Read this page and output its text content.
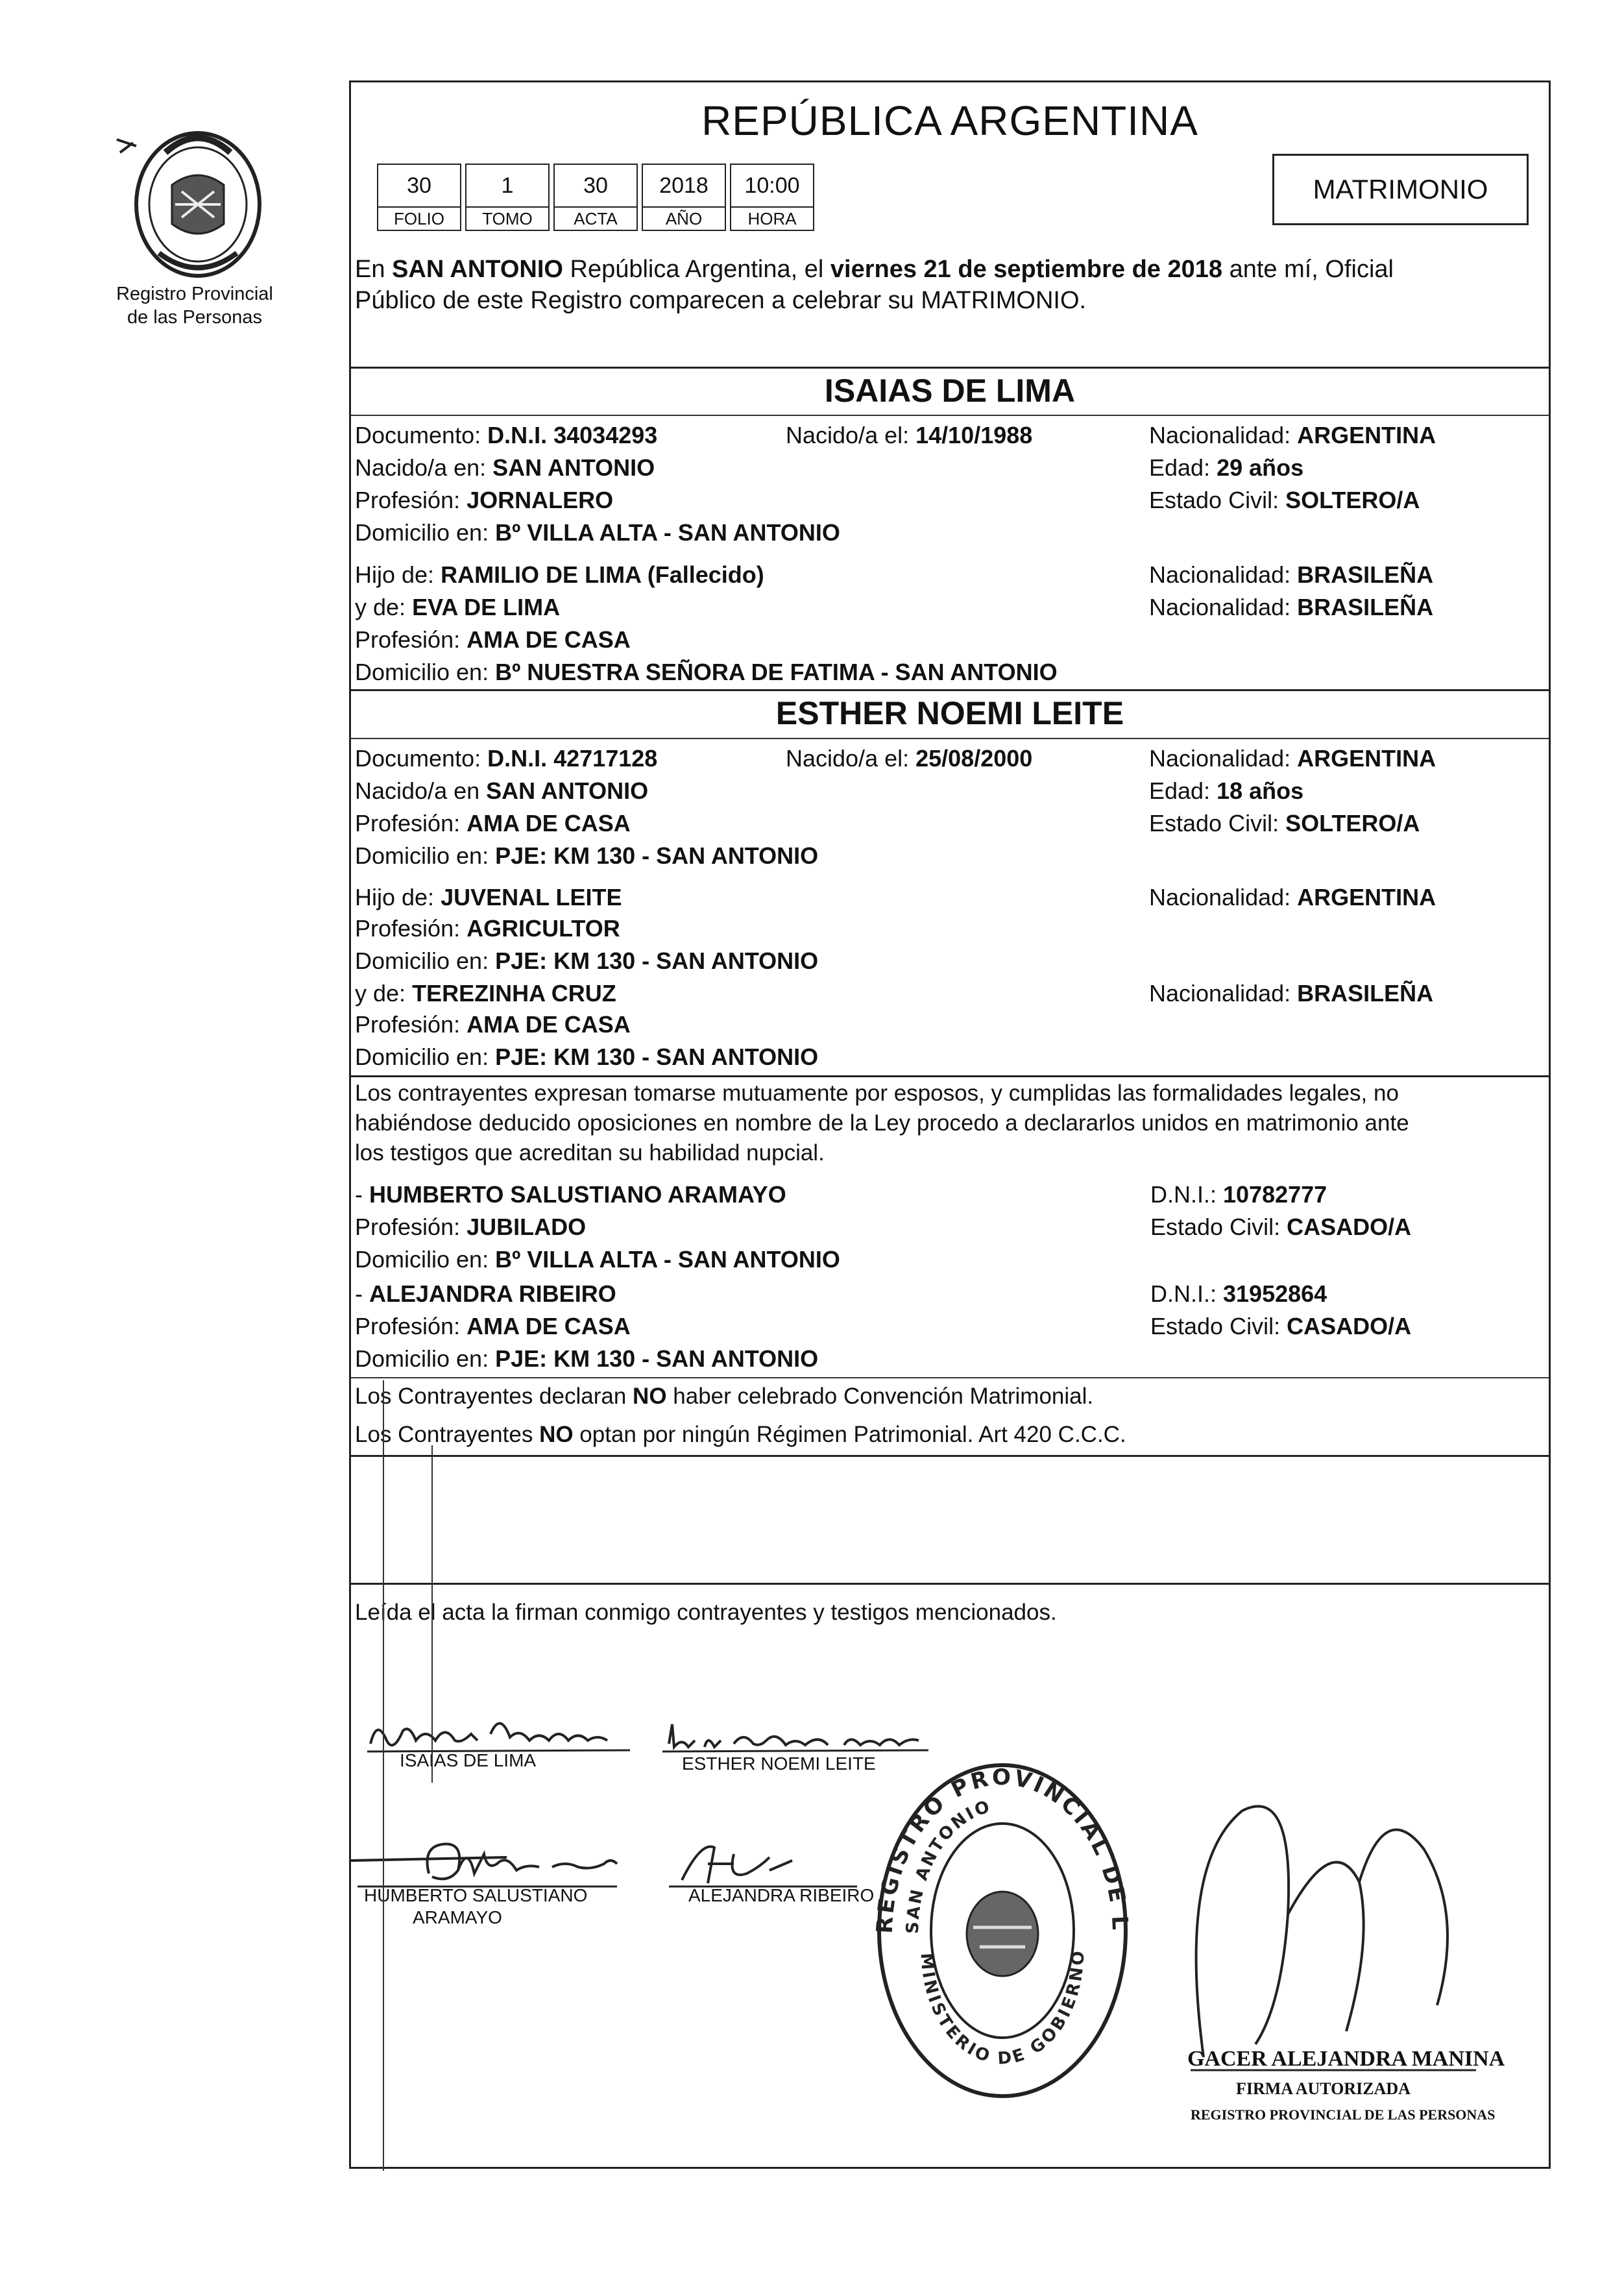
Registro Provincial
de las Personas
REPÚBLICA ARGENTINA
30	1	30	2018	10:00
FOLIO	TOMO	ACTA	AÑO	HORA
MATRIMONIO
En SAN ANTONIO República Argentina, el viernes 21 de septiembre de 2018 ante mí, Oficial
Público de este Registro comparecen a celebrar su MATRIMONIO.
ISAIAS DE LIMA
Documento: D.N.I. 34034293	Nacido/a el: 14/10/1988	Nacionalidad: ARGENTINA
Nacido/a en: SAN ANTONIO	Edad: 29 años
Profesión: JORNALERO	Estado Civil: SOLTERO/A
Domicilio en: Bº VILLA ALTA - SAN ANTONIO
Hijo de: RAMILIO DE LIMA (Fallecido)	Nacionalidad: BRASILEÑA
y de: EVA DE LIMA	Nacionalidad: BRASILEÑA
Profesión: AMA DE CASA
Domicilio en: Bº NUESTRA SEÑORA DE FATIMA - SAN ANTONIO
ESTHER NOEMI LEITE
Documento: D.N.I. 42717128	Nacido/a el: 25/08/2000	Nacionalidad: ARGENTINA
Nacido/a en SAN ANTONIO	Edad: 18 años
Profesión: AMA DE CASA	Estado Civil: SOLTERO/A
Domicilio en: PJE: KM 130 - SAN ANTONIO
Hijo de: JUVENAL LEITE	Nacionalidad: ARGENTINA
Profesión: AGRICULTOR
Domicilio en: PJE: KM 130 - SAN ANTONIO
y de: TEREZINHA CRUZ	Nacionalidad: BRASILEÑA
Profesión: AMA DE CASA
Domicilio en: PJE: KM 130 - SAN ANTONIO
Los contrayentes expresan tomarse mutuamente por esposos, y cumplidas las formalidades legales, no
habiéndose deducido oposiciones en nombre de la Ley procedo a declararlos unidos en matrimonio ante
los testigos que acreditan su habilidad nupcial.
- HUMBERTO SALUSTIANO ARAMAYO	D.N.I.: 10782777
Profesión: JUBILADO	Estado Civil: CASADO/A
Domicilio en: Bº VILLA ALTA - SAN ANTONIO
- ALEJANDRA RIBEIRO	D.N.I.: 31952864
Profesión: AMA DE CASA	Estado Civil: CASADO/A
Domicilio en: PJE: KM 130 - SAN ANTONIO
Los Contrayentes declaran NO haber celebrado Convención Matrimonial.
Los Contrayentes NO optan por ningún Régimen Patrimonial. Art 420 C.C.C.
Leída el acta la firman conmigo contrayentes y testigos mencionados.
ISAIAS DE LIMA	ESTHER NOEMI LEITE
HUMBERTO SALUSTIANO
ARAMAYO
ALEJANDRA RIBEIRO
REGISTRO PROVINCIAL DE L
SAN ANTONIO
MINISTERIO DE GOBIERNO
GACER ALEJANDRA MANINA
FIRMA AUTORIZADA
REGISTRO PROVINCIAL DE LAS PERSONAS
